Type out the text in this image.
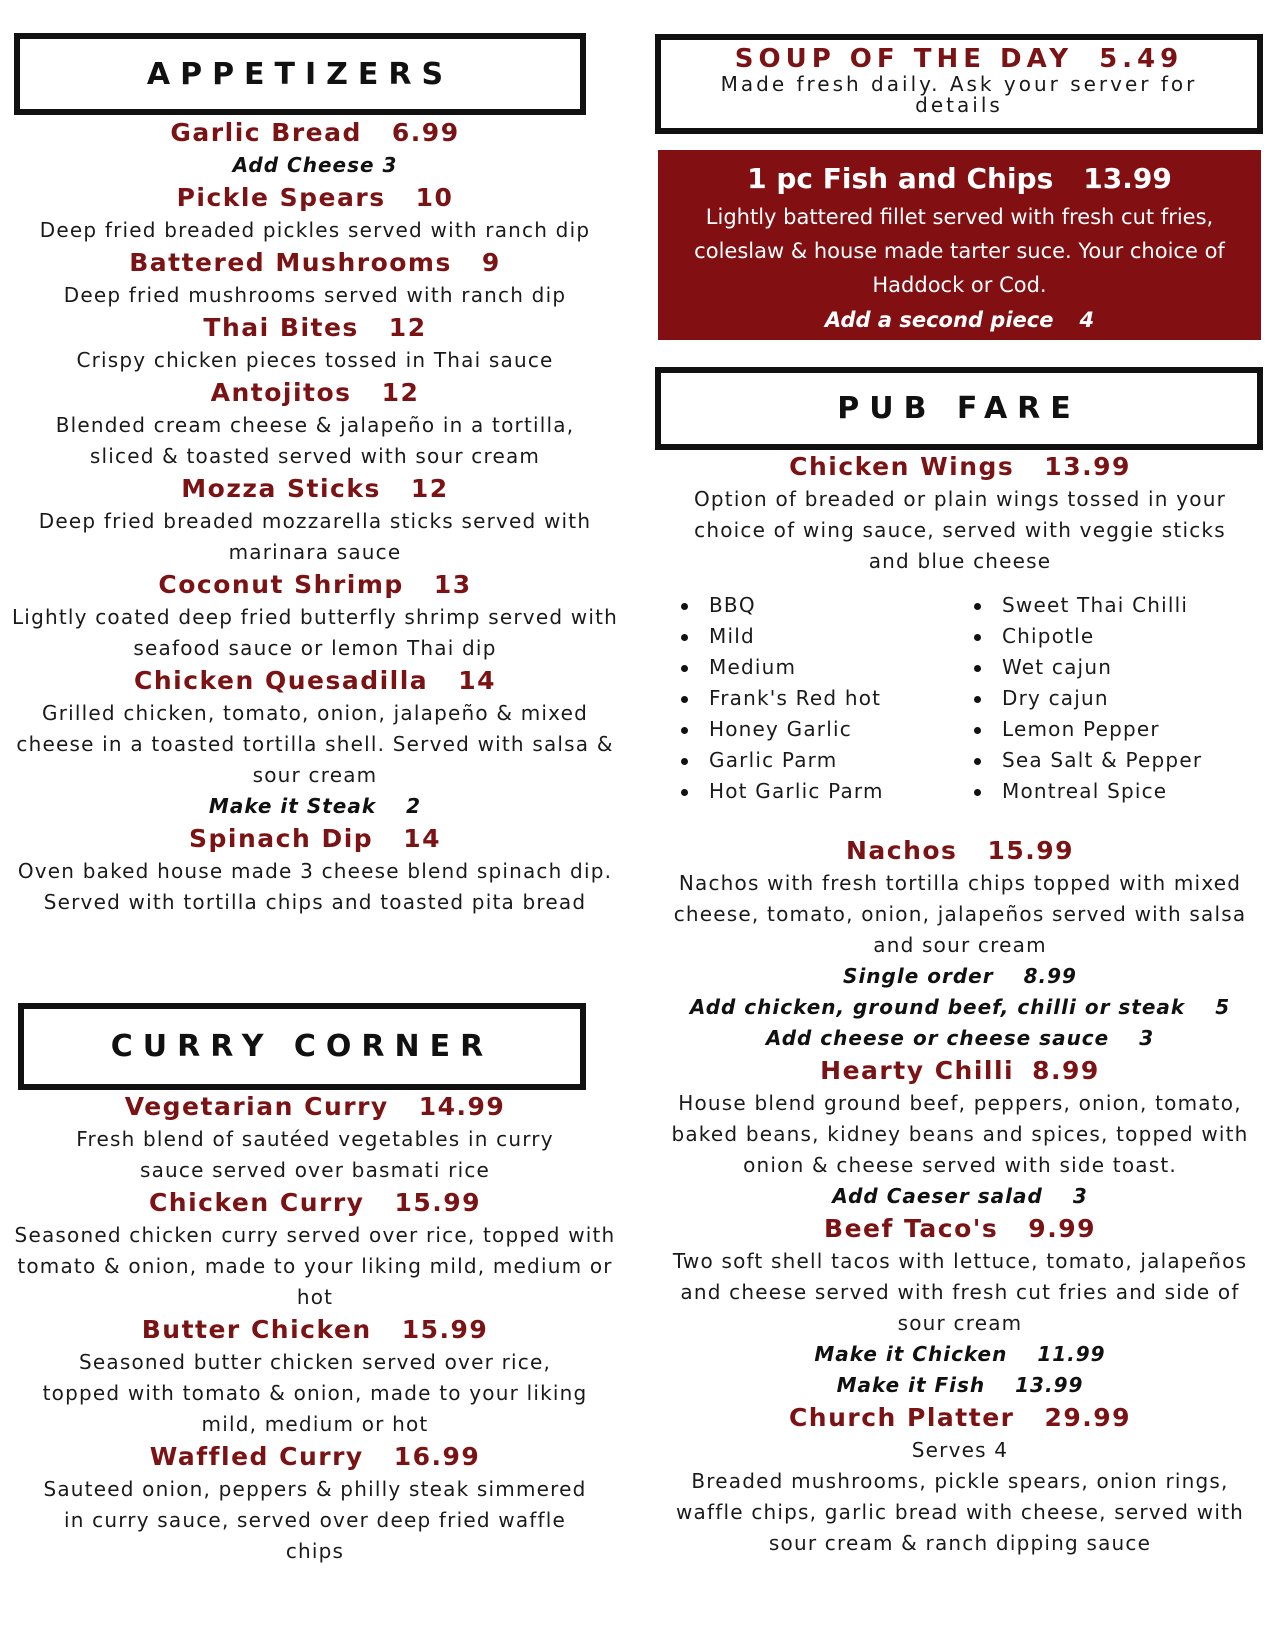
APPETIZERS
Garlic Bread 6.99
Add Cheese 3
Pickle Spears 10
Deep fried breaded pickles served with ranch dip
Battered Mushrooms 9
Deep fried mushrooms served with ranch dip
Thai Bites 12
Crispy chicken pieces tossed in Thai sauce
Antojitos 12
Blended cream cheese & jalapeño in a tortilla, sliced & toasted served with sour cream
Mozza Sticks 12
Deep fried breaded mozzarella sticks served with marinara sauce
Coconut Shrimp 13
Lightly coated deep fried butterfly shrimp served with seafood sauce or lemon Thai dip
Chicken Quesadilla 14
Grilled chicken, tomato, onion, jalapeño & mixed cheese in a toasted tortilla shell. Served with salsa & sour cream
Make it Steak 2
Spinach Dip 14
Oven baked house made 3 cheese blend spinach dip. Served with tortilla chips and toasted pita bread
CURRY CORNER
Vegetarian Curry 14.99
Fresh blend of sautéed vegetables in curry sauce served over basmati rice
Chicken Curry 15.99
Seasoned chicken curry served over rice, topped with tomato & onion, made to your liking mild, medium or hot
Butter Chicken 15.99
Seasoned butter chicken served over rice, topped with tomato & onion, made to your liking mild, medium or hot
Waffled Curry 16.99
Sauteed onion, peppers & philly steak simmered in curry sauce, served over deep fried waffle chips
SOUP OF THE DAY 5.49
Made fresh daily. Ask your server for details
1 pc Fish and Chips 13.99
Lightly battered fillet served with fresh cut fries, coleslaw & house made tarter suce. Your choice of Haddock or Cod.
Add a second piece 4
PUB FARE
Chicken Wings 13.99
Option of breaded or plain wings tossed in your choice of wing sauce, served with veggie sticks and blue cheese
BBQ
Mild
Medium
Frank's Red hot
Honey Garlic
Garlic Parm
Hot Garlic Parm
Sweet Thai Chilli
Chipotle
Wet cajun
Dry cajun
Lemon Pepper
Sea Salt & Pepper
Montreal Spice
Nachos 15.99
Nachos with fresh tortilla chips topped with mixed cheese, tomato, onion, jalapeños served with salsa and sour cream
Single order 8.99
Add chicken, ground beef, chilli or steak 5
Add cheese or cheese sauce 3
Hearty Chilli 8.99
House blend ground beef, peppers, onion, tomato, baked beans, kidney beans and spices, topped with onion & cheese served with side toast.
Add Caeser salad 3
Beef Taco's 9.99
Two soft shell tacos with lettuce, tomato, jalapeños and cheese served with fresh cut fries and side of sour cream
Make it Chicken 11.99
Make it Fish 13.99
Church Platter 29.99
Serves 4
Breaded mushrooms, pickle spears, onion rings, waffle chips, garlic bread with cheese, served with sour cream & ranch dipping sauce
